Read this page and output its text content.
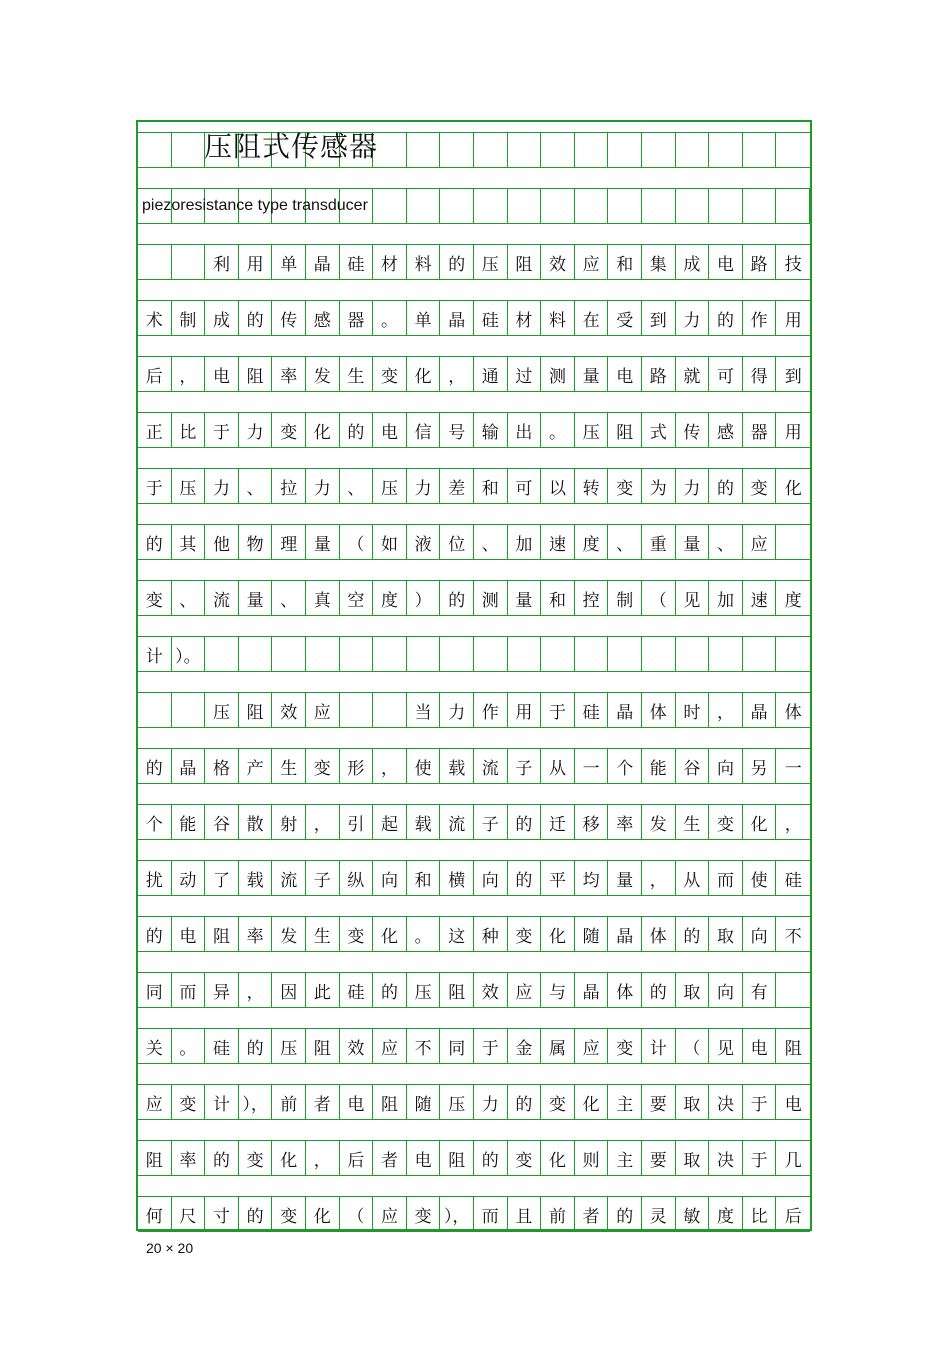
piezoresistance type transducer
利 用 单 晶 硅 材 料 的 压 阻 效 应 和 集 成 电 路	技
术 制 成 的 传 感 器 。 单 晶 硅 材 料 在 受 到 力 的 作	用
后 ， 电 阻 率 发 生 变 化 ， 通 过 测 量 电 路 就 可 得	到
正 比 于 力 变 化 的 电 信 号 输 出 。 压 阻 式 传 感 器	用
于 压 力 、 拉 力 、 压 力 差 和 可 以 转 变 为 力 的 变	化
的 其 他 物 理 量 （ 如 液 位 、 加 速 度 、 重 量 、 应
变 、 流 量 、 真 空 度 ） 的 测 量 和 控 制 （ 见 加 速	度
计 ）。
压 阻 效 应	当 力 作 用 于 硅 晶 体 时 ， 晶	体
的 晶 格 产 生 变 形 ， 使 载 流 子 从 一 个 能 谷 向 另	一
个 能 谷 散 射 ， 引 起 载 流 子 的 迁 移 率 发 生 变 化	，
扰 动 了 载 流 子 纵 向 和 横 向 的 平 均 量 ， 从 而 使	硅
的 电 阻 率 发 生 变 化 。 这 种 变 化 随 晶 体 的 取 向	不
同 而 异 ， 因 此 硅 的 压 阻 效 应 与 晶 体 的 取 向 有
关 。 硅 的 压 阻 效 应 不 同 于 金 属 应 变 计 （ 见 电	阻
应 变 计 ）， 前 者 电 阻 随 压 力 的 变 化 主 要 取 决 于	电
阻 率 的 变 化 ， 后 者 电 阻 的 变 化 则 主 要 取 决 于	几
何 尺 寸 的 变 化 （ 应 变 ）， 而 且 前 者 的 灵 敏 度 比	后
压阻式传感器
20 × 20
